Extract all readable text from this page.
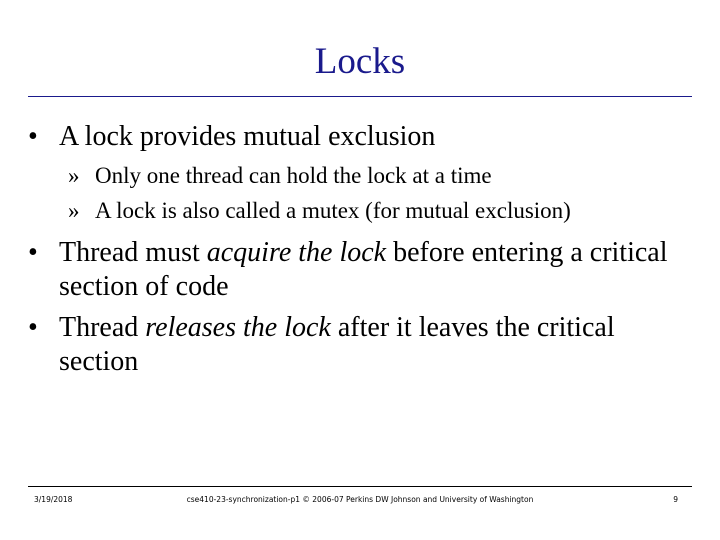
Locks
• A lock provides mutual exclusion
» Only one thread can hold the lock at a time
» A lock is also called a mutex (for mutual exclusion)
• Thread must acquire the lock before entering a critical section of code
• Thread releases the lock after it leaves the critical section
3/19/2018	cse410-23-synchronization-p1 © 2006-07 Perkins DW Johnson and University of Washington	9
